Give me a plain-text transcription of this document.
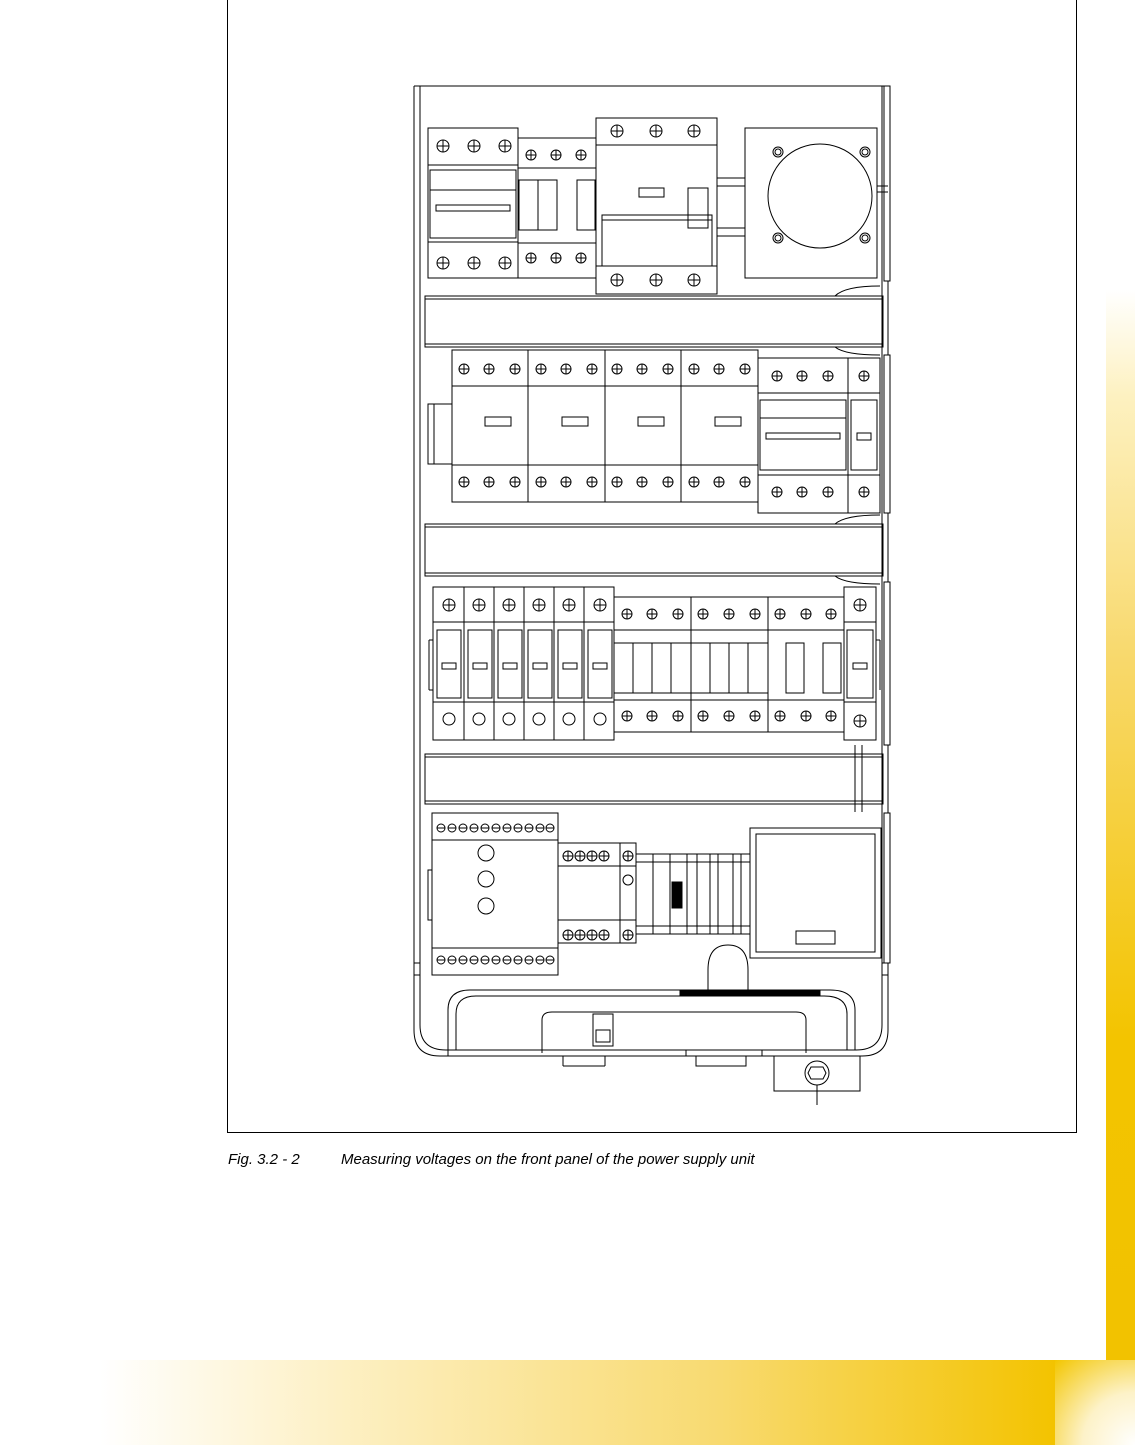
Fig. 3.2 - 2	Measuring voltages on the front panel of the power supply unit
